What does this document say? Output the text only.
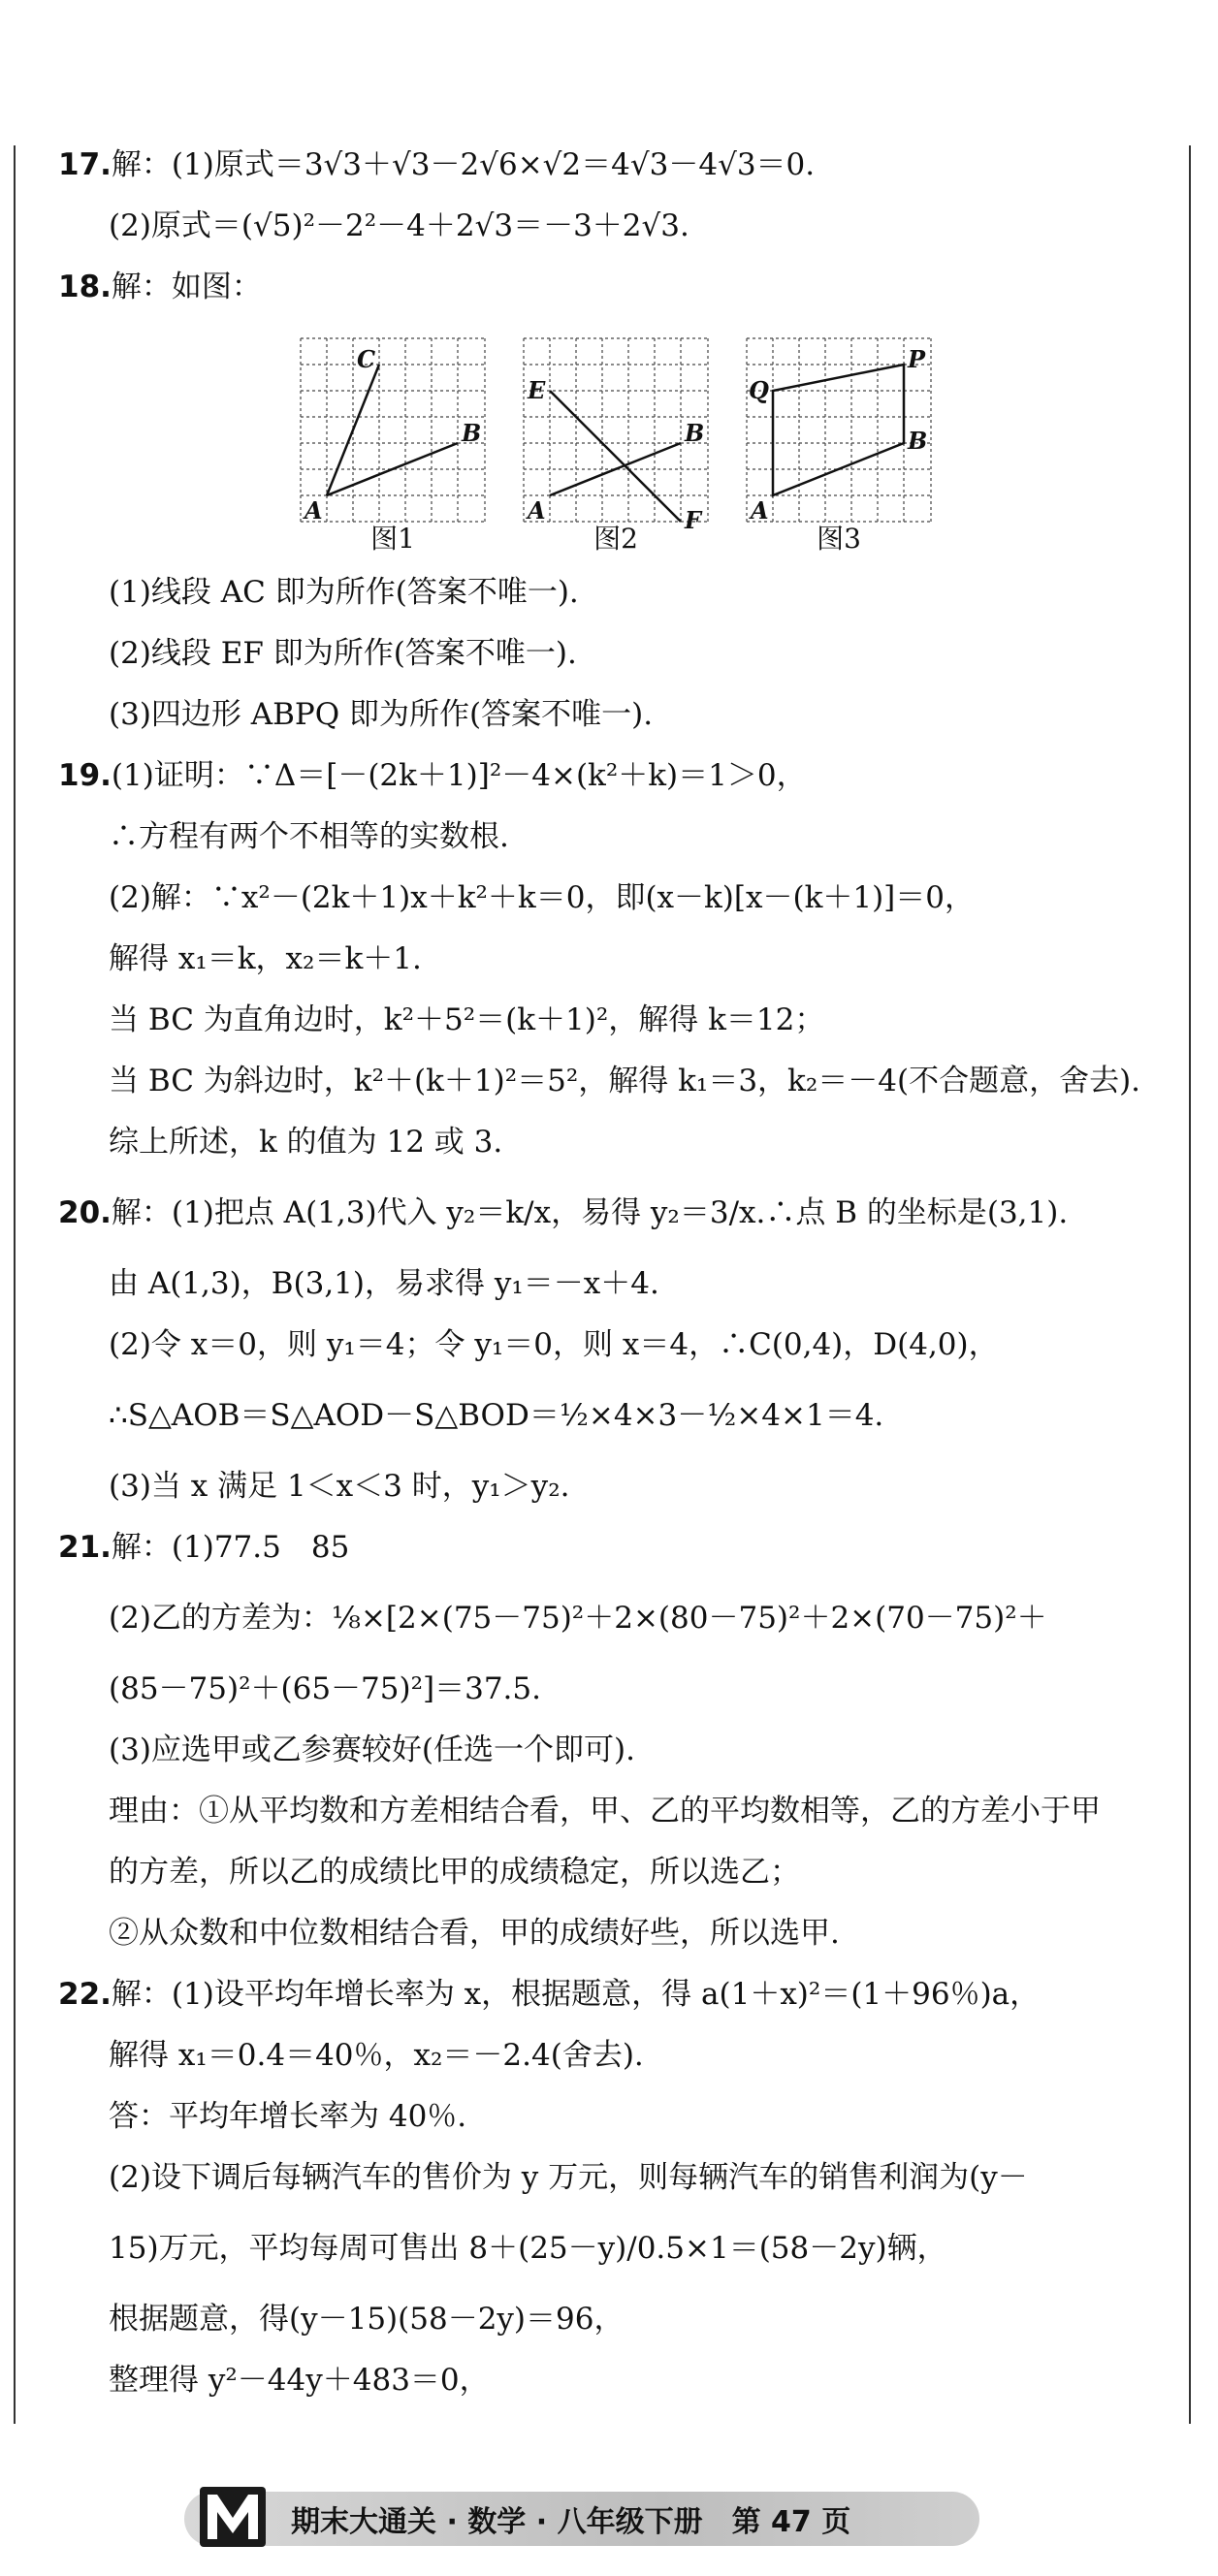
17.解：(1)原式＝3√3＋√3－2√6×√2＝4√3－4√3＝0.
(2)原式＝(√5)²－2²－4＋2√3＝－3＋2√3.
18.解：如图：
C
B
A
图1
E
B
A	F
图2
Q
P
B
A
图3
(1)线段 AC 即为所作(答案不唯一).
(2)线段 EF 即为所作(答案不唯一).
(3)四边形 ABPQ 即为所作(答案不唯一).
19.(1)证明：∵Δ＝[－(2k＋1)]²－4×(k²＋k)＝1＞0，
∴方程有两个不相等的实数根.
(2)解：∵x²－(2k＋1)x＋k²＋k＝0，即(x－k)[x－(k＋1)]＝0，
解得 x₁＝k，x₂＝k＋1.
当 BC 为直角边时，k²＋5²＝(k＋1)²，解得 k＝12；
当 BC 为斜边时，k²＋(k＋1)²＝5²，解得 k₁＝3，k₂＝－4(不合题意，舍去).
综上所述，k 的值为 12 或 3.
20.解：(1)把点 A(1,3)代入 y₂＝k/x，易得 y₂＝3/x.∴点 B 的坐标是(3,1).
由 A(1,3)，B(3,1)，易求得 y₁＝－x＋4.
(2)令 x＝0，则 y₁＝4；令 y₁＝0，则 x＝4，∴C(0,4)，D(4,0)，
∴S△AOB＝S△AOD－S△BOD＝½×4×3－½×4×1＝4.
(3)当 x 满足 1＜x＜3 时，y₁＞y₂.
21.解：(1)77.5　85
(2)乙的方差为：⅛×[2×(75－75)²＋2×(80－75)²＋2×(70－75)²＋
(85－75)²＋(65－75)²]＝37.5.
(3)应选甲或乙参赛较好(任选一个即可).
理由：①从平均数和方差相结合看，甲、乙的平均数相等，乙的方差小于甲
的方差，所以乙的成绩比甲的成绩稳定，所以选乙；
②从众数和中位数相结合看，甲的成绩好些，所以选甲.
22.解：(1)设平均年增长率为 x，根据题意，得 a(1＋x)²＝(1＋96％)a，
解得 x₁＝0.4＝40％，x₂＝－2.4(舍去).
答：平均年增长率为 40％.
(2)设下调后每辆汽车的售价为 y 万元，则每辆汽车的销售利润为(y－
15)万元，平均每周可售出 8＋(25－y)/0.5×1＝(58－2y)辆，
根据题意，得(y－15)(58－2y)＝96，
整理得 y²－44y＋483＝0，
期末大通关 · 数学 · 八年级下册　第 47 页
